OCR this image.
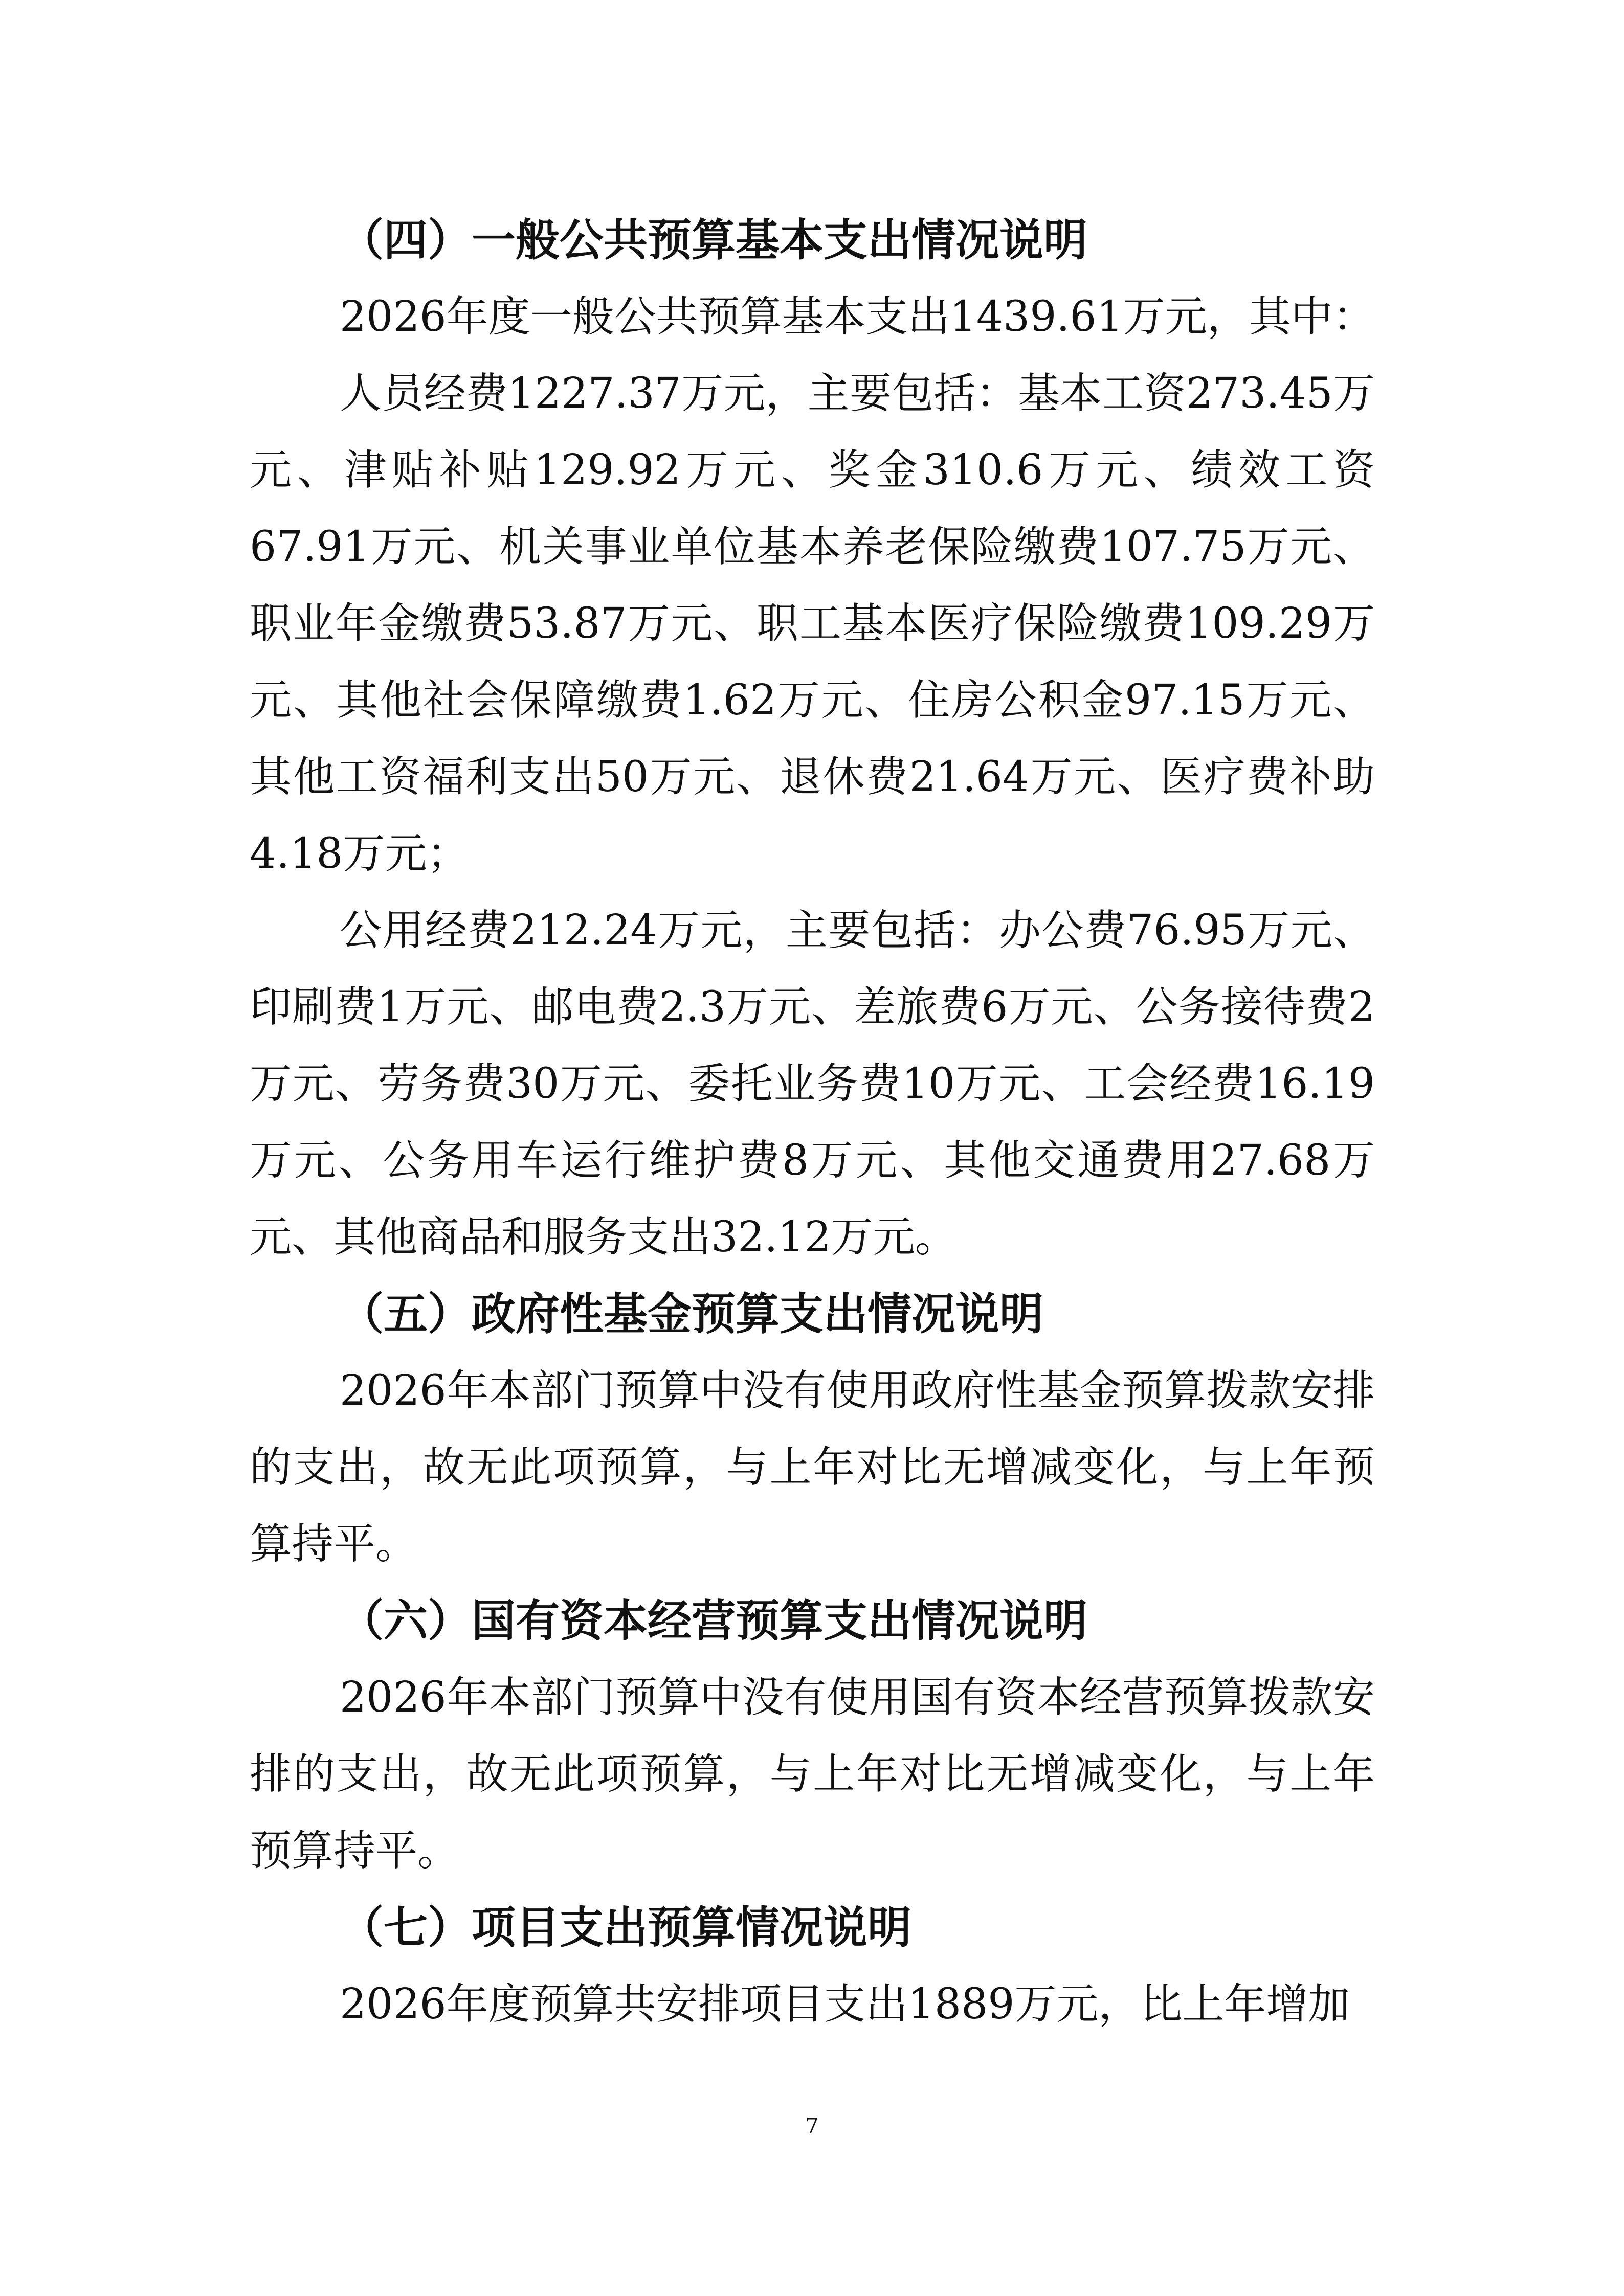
（四）一般公共预算基本支出情况说明

2026年度一般公共预算基本支出1439.61万元，其中：

人员经费1227.37万元，主要包括：基本工资273.45万元、津贴补贴129.92万元、奖金310.6万元、绩效工资67.91万元、机关事业单位基本养老保险缴费107.75万元、职业年金缴费53.87万元、职工基本医疗保险缴费109.29万元、其他社会保障缴费1.62万元、住房公积金97.15万元、其他工资福利支出50万元、退休费21.64万元、医疗费补助4.18万元；

公用经费212.24万元，主要包括：办公费76.95万元、印刷费1万元、邮电费2.3万元、差旅费6万元、公务接待费2万元、劳务费30万元、委托业务费10万元、工会经费16.19万元、公务用车运行维护费8万元、其他交通费用27.68万元、其他商品和服务支出32.12万元。

（五）政府性基金预算支出情况说明

2026年本部门预算中没有使用政府性基金预算拨款安排的支出，故无此项预算，与上年对比无增减变化，与上年预算持平。

（六）国有资本经营预算支出情况说明

2026年本部门预算中没有使用国有资本经营预算拨款安排的支出，故无此项预算，与上年对比无增减变化，与上年预算持平。

（七）项目支出预算情况说明

2026年度预算共安排项目支出1889万元，比上年增加

7
